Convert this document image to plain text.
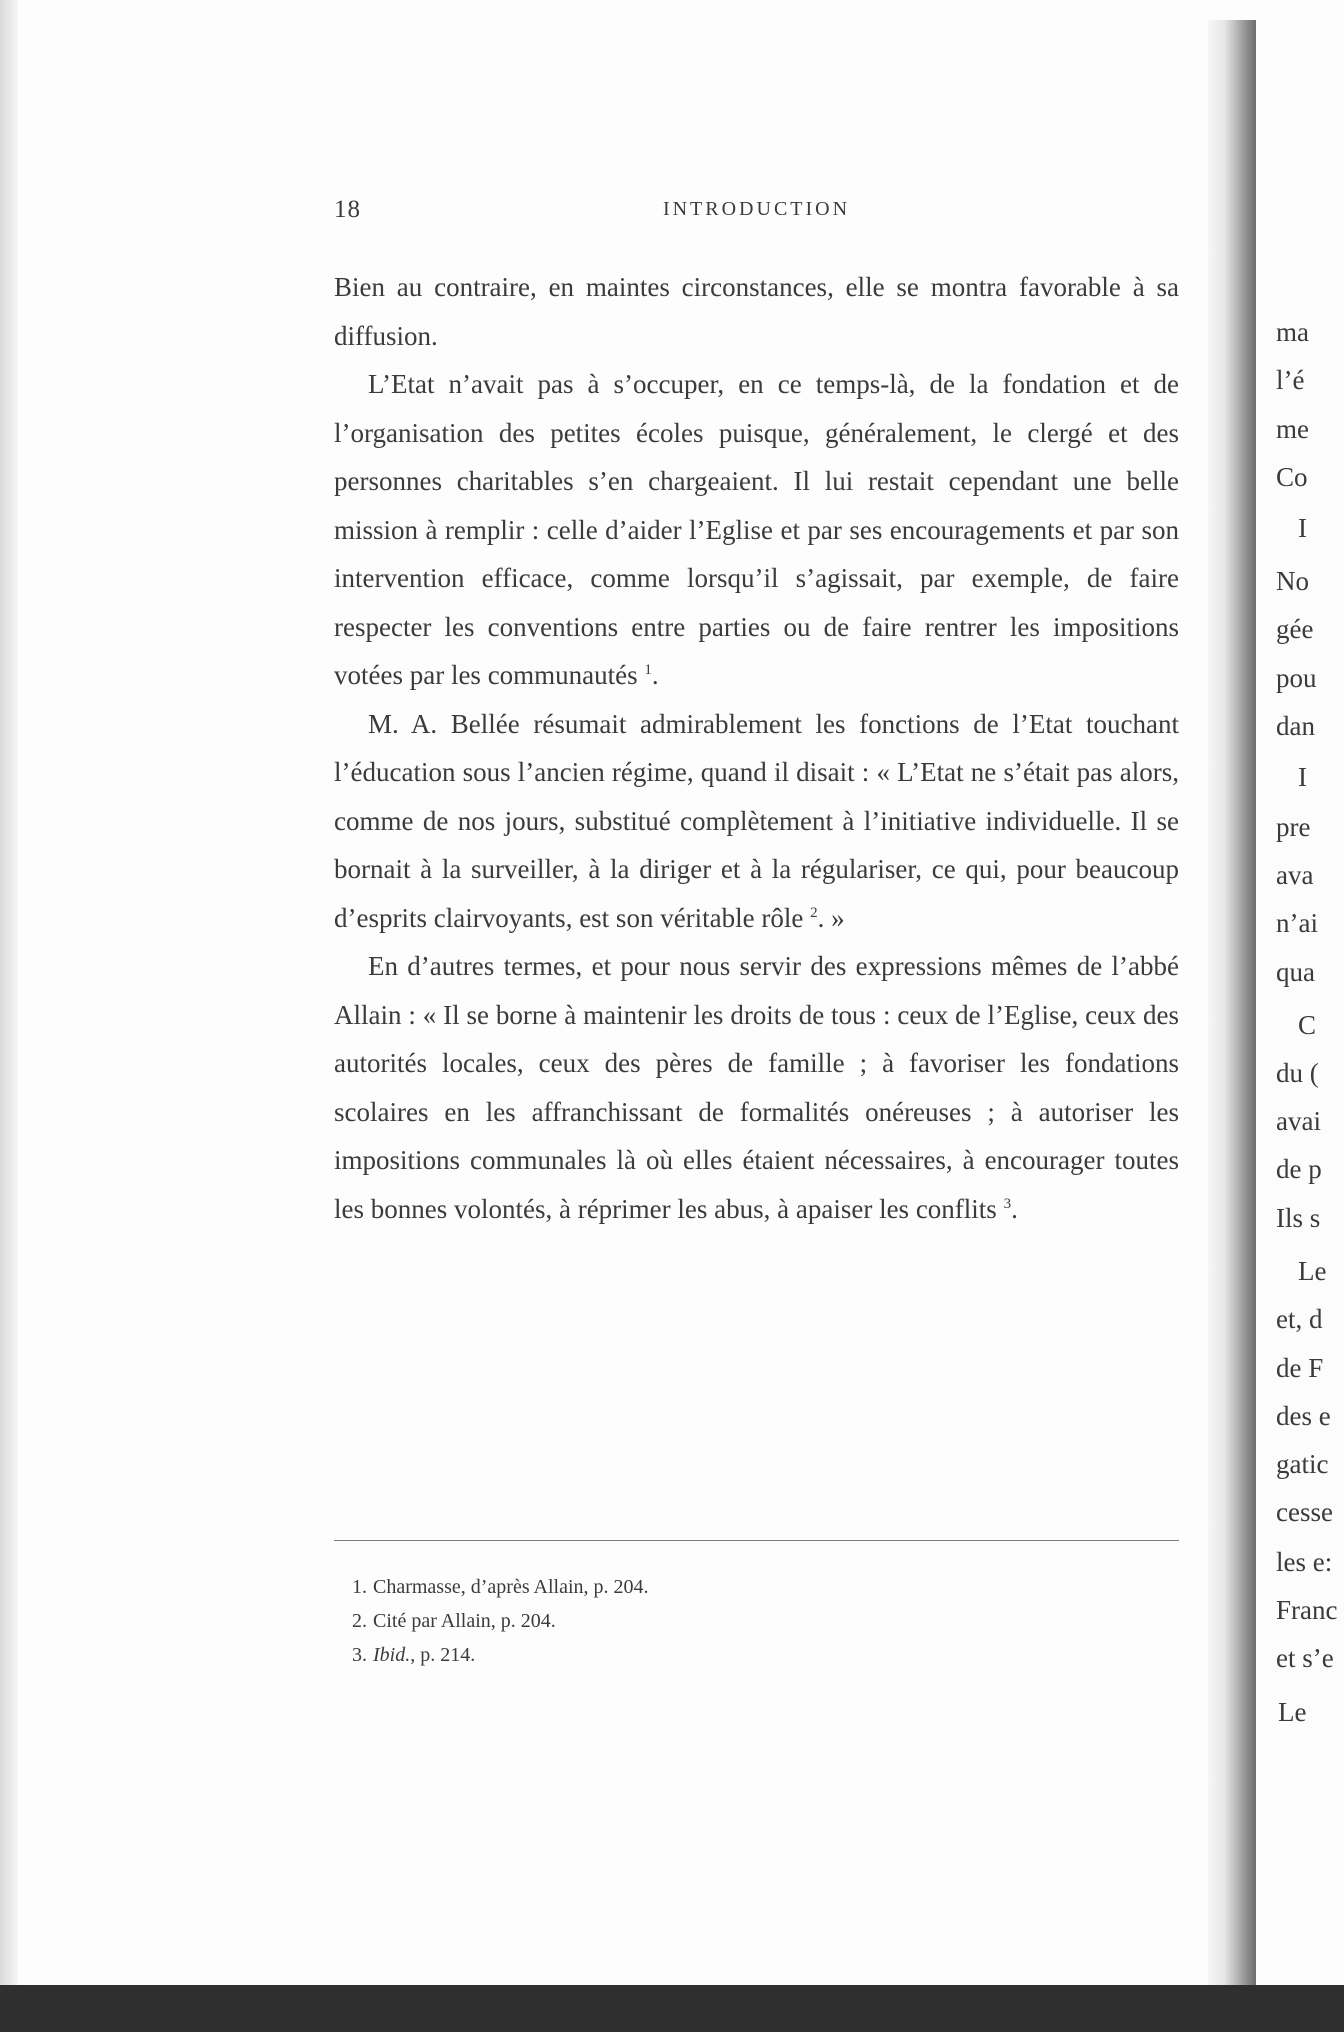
18	INTRODUCTION

Bien au contraire, en maintes circonstances, elle se montra favorable à sa diffusion.

L’Etat n’avait pas à s’occuper, en ce temps-là, de la fondation et de l’organisation des petites écoles puisque, généralement, le clergé et des personnes charitables s’en chargeaient. Il lui restait cependant une belle mission à remplir : celle d’aider l’Eglise et par ses encouragements et par son intervention efficace, comme lorsqu’il s’agissait, par exemple, de faire respecter les conventions entre parties ou de faire rentrer les impositions votées par les communautés $^1$.

M. A. Bellée résumait admirablement les fonctions de l’Etat touchant l’éducation sous l’ancien régime, quand il disait : « L’Etat ne s’était pas alors, comme de nos jours, substitué complètement à l’initiative individuelle. Il se bornait à la surveiller, à la diriger et à la régulariser, ce qui, pour beaucoup d’esprits clairvoyants, est son véritable rôle $^2$. »

En d’autres termes, et pour nous servir des expressions mêmes de l’abbé Allain : « Il se borne à maintenir les droits de tous : ceux de l’Eglise, ceux des autorités locales, ceux des pères de famille ; à favoriser les fondations scolaires en les affranchissant de formalités onéreuses ; à autoriser les impositions communales là où elles étaient nécessaires, à encourager toutes les bonnes volontés, à réprimer les abus, à apaiser les conflits $^3$.

1. Charmasse, d’après Allain, p. 204.

2. Cité par Allain, p. 204.

3. Ibid., p. 214.

ma
l’é
me
Co
I
No
gée
pou
dan
I
pre
ava
n’ai
qua
C
du (
avai
de p
Ils s
Le
et, d
de F
des e
gatic
cesse
les e:
Franc
et s’e
Le
